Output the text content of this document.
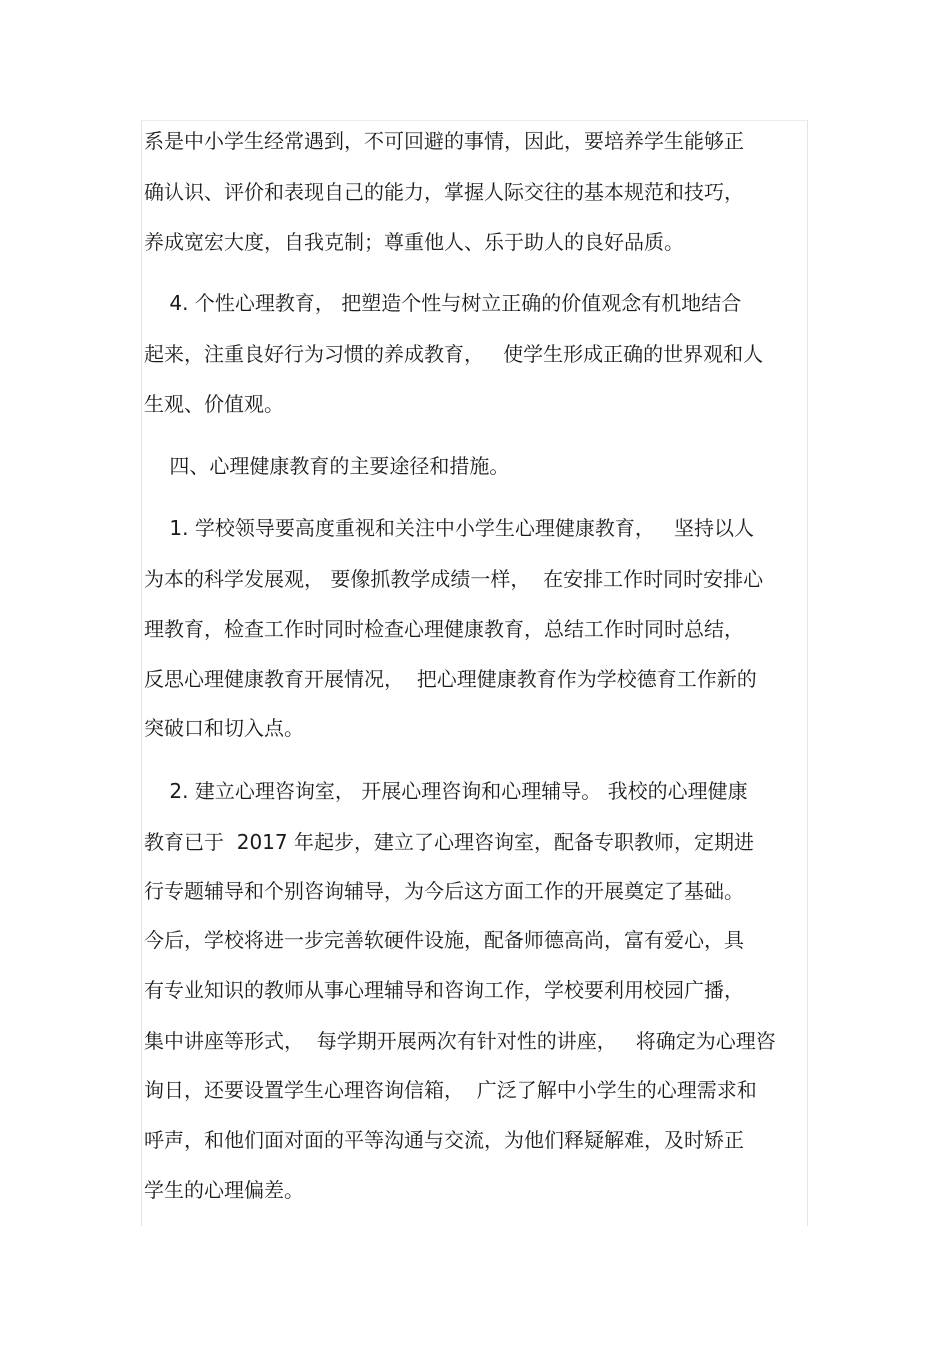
系是中小学生经常遇到，不可回避的事情，因此，要培养学生能够正
确认识、评价和表现自己的能力，掌握人际交往的基本规范和技巧，
养成宽宏大度，自我克制；尊重他人、乐于助人的良好品质。
4. 个性心理教育， 把塑造个性与树立正确的价值观念有机地结合
起来，注重良好行为习惯的养成教育，   使学生形成正确的世界观和人
生观、价值观。
四、心理健康教育的主要途径和措施。
1. 学校领导要高度重视和关注中小学生心理健康教育，   坚持以人
为本的科学发展观， 要像抓教学成绩一样，  在安排工作时同时安排心
理教育，检查工作时同时检查心理健康教育，总结工作时同时总结，
反思心理健康教育开展情况，  把心理健康教育作为学校德育工作新的
突破口和切入点。
2. 建立心理咨询室， 开展心理咨询和心理辅导。 我校的心理健康
教育已于  2017 年起步，建立了心理咨询室，配备专职教师，定期进
行专题辅导和个别咨询辅导，为今后这方面工作的开展奠定了基础。
今后，学校将进一步完善软硬件设施，配备师德高尚，富有爱心，具
有专业知识的教师从事心理辅导和咨询工作，学校要利用校园广播，
集中讲座等形式，  每学期开展两次有针对性的讲座，   将确定为心理咨
询日，还要设置学生心理咨询信箱，  广泛了解中小学生的心理需求和
呼声，和他们面对面的平等沟通与交流，为他们释疑解难，及时矫正
学生的心理偏差。
